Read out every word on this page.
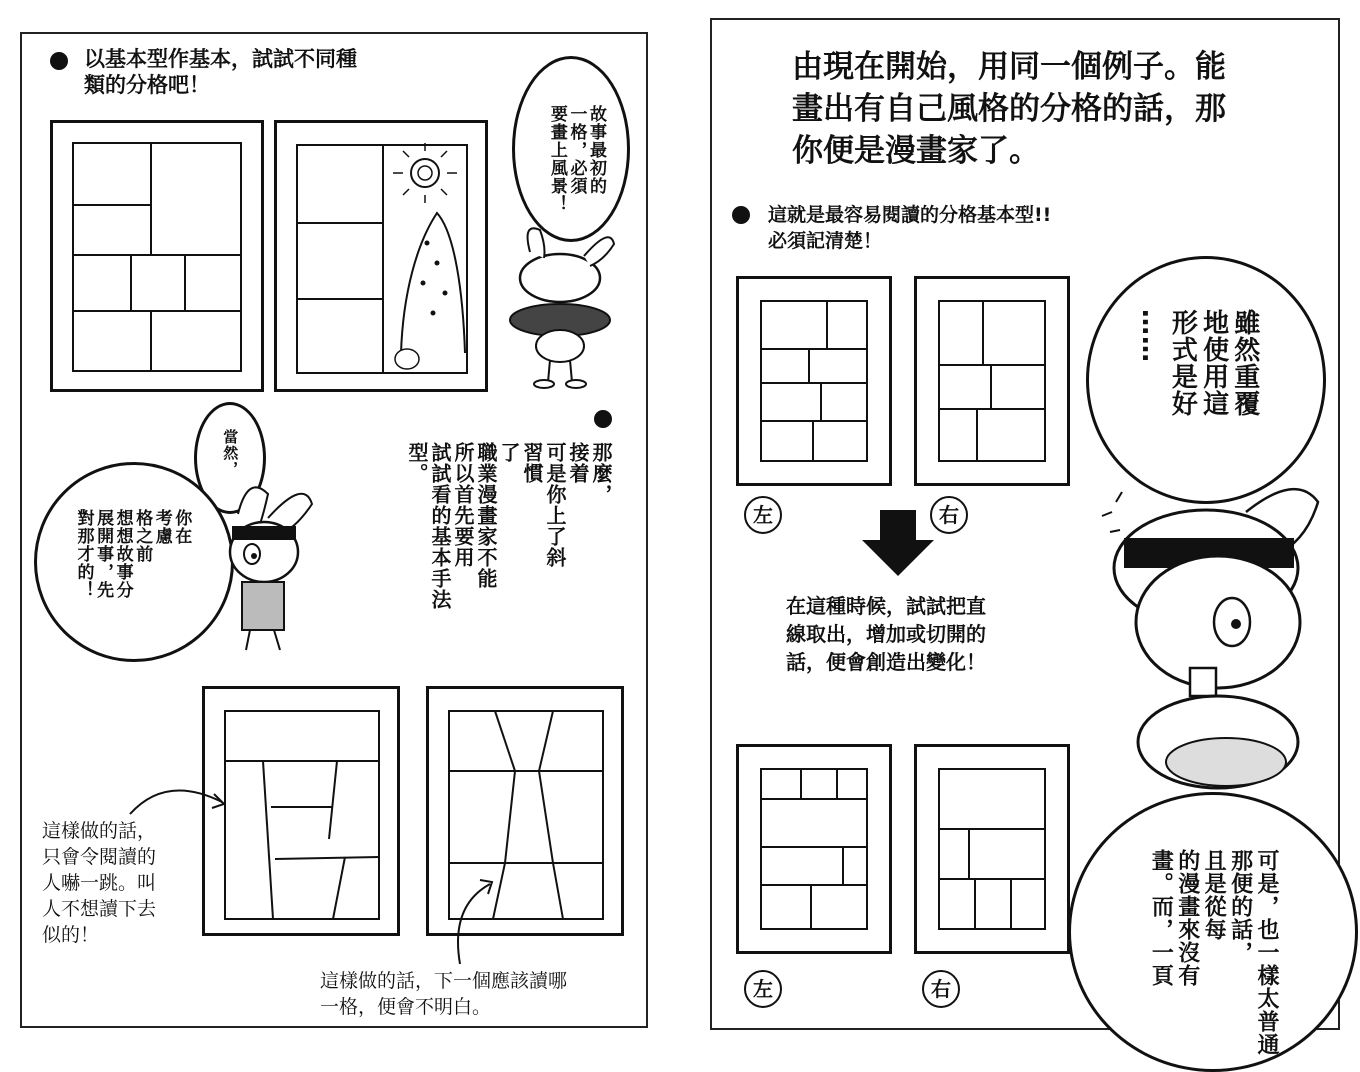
以基本型作基本，試試不同種
類的分格吧！
故事最初的
一格，必須
要畫上風景！
當然，
你在
考慮
格之前
想想故事分
展開事，先
對那才的！
那麼，
接着
可是你上了斜
習慣
了
職業漫畫家不能
所以首先要用
試試看的基本手法
型。
這樣做的話，
只會令閱讀的
人嚇一跳。叫
人不想讀下去
似的！
這樣做的話，下一個應該讀哪
一格，便會不明白。
由現在開始，用同一個例子。能
畫出有自己風格的分格的話，那
你便是漫畫家了。
這就是最容易閱讀的分格基本型!!
必須記清楚！
左	右
在這種時候，試試把直
線取出，增加或切開的
話，便會創造出變化！
左	右
雖然重覆
地使用這
形式是好
……
可是，也一樣太普通
那便的話，
且是從每
的漫畫來沒有
畫。而，一頁
